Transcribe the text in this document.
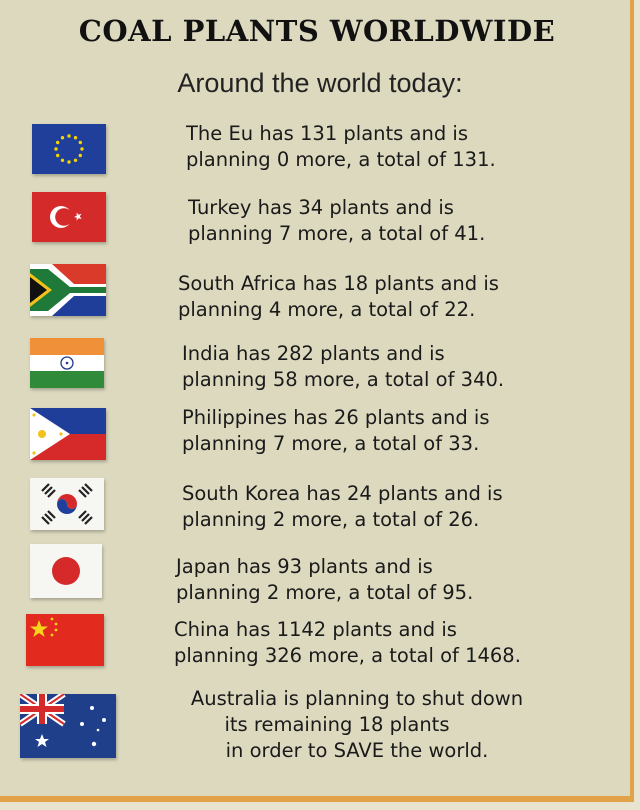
COAL PLANTS WORLDWIDE
Around the world today:
The Eu has 131 plants and is
planning 0 more, a total of 131.
Turkey has 34 plants and is
planning 7 more, a total of 41.
South Africa has 18 plants and is
planning 4 more, a total of 22.
India has 282 plants and is
planning 58 more, a total of 340.
Philippines has 26 plants and is
planning 7 more, a total of 33.
South Korea has 24 plants and is
planning 2 more, a total of 26.
Japan has 93 plants and is
planning 2 more, a total of 95.
China has 1142 plants and is
planning 326 more, a total of 1468.
Australia is planning to shut down
its remaining 18 plants
in order to SAVE the world.
